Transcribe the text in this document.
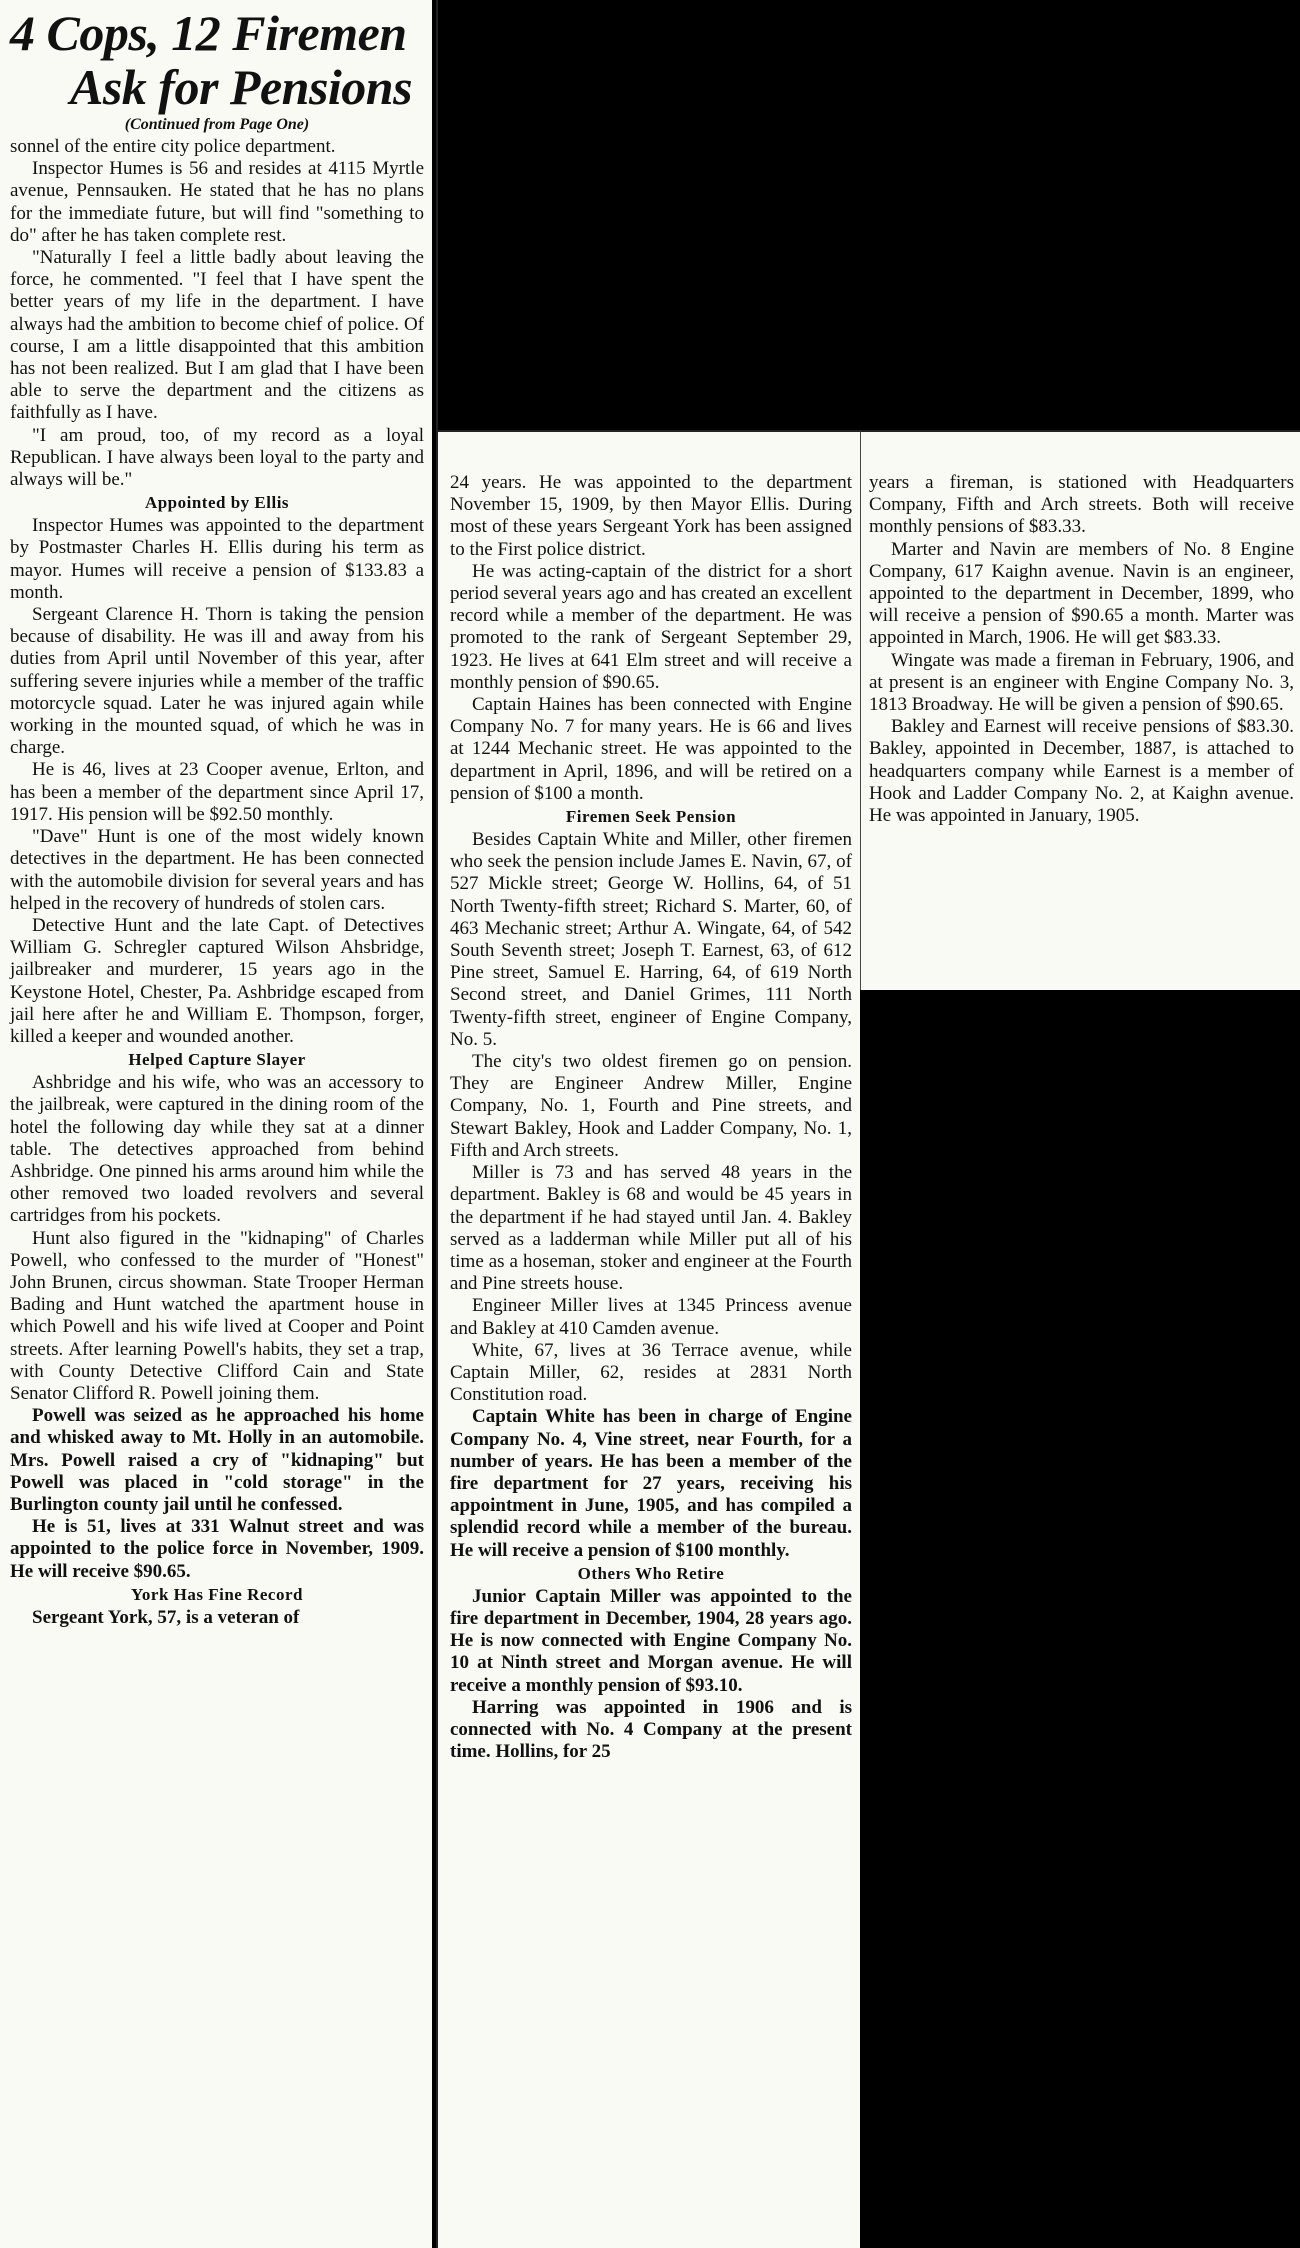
4 Cops, 12 Firemen
Ask for Pensions
(Continued from Page One)

sonnel of the entire city police department.

Inspector Humes is 56 and resides at 4115 Myrtle avenue, Pennsauken. He stated that he has no plans for the immediate future, but will find "something to do" after he has taken complete rest.

"Naturally I feel a little badly about leaving the force, he commented. "I feel that I have spent the better years of my life in the department. I have always had the ambition to become chief of police. Of course, I am a little disappointed that this ambition has not been realized. But I am glad that I have been able to serve the department and the citizens as faithfully as I have.

"I am proud, too, of my record as a loyal Republican. I have always been loyal to the party and always will be."

Appointed by Ellis

Inspector Humes was appointed to the department by Postmaster Charles H. Ellis during his term as mayor. Humes will receive a pension of $133.83 a month.

Sergeant Clarence H. Thorn is taking the pension because of disability. He was ill and away from his duties from April until November of this year, after suffering severe injuries while a member of the traffic motorcycle squad. Later he was injured again while working in the mounted squad, of which he was in charge.

He is 46, lives at 23 Cooper avenue, Erlton, and has been a member of the department since April 17, 1917. His pension will be $92.50 monthly.

"Dave" Hunt is one of the most widely known detectives in the department. He has been connected with the automobile division for several years and has helped in the recovery of hundreds of stolen cars.

Detective Hunt and the late Capt. of Detectives William G. Schregler captured Wilson Ahsbridge, jailbreaker and murderer, 15 years ago in the Keystone Hotel, Chester, Pa. Ashbridge escaped from jail here after he and William E. Thompson, forger, killed a keeper and wounded another.

Helped Capture Slayer

Ashbridge and his wife, who was an accessory to the jailbreak, were captured in the dining room of the hotel the following day while they sat at a dinner table. The detectives approached from behind Ashbridge. One pinned his arms around him while the other removed two loaded revolvers and several cartridges from his pockets.

Hunt also figured in the "kidnaping" of Charles Powell, who confessed to the murder of "Honest" John Brunen, circus showman. State Trooper Herman Bading and Hunt watched the apartment house in which Powell and his wife lived at Cooper and Point streets. After learning Powell's habits, they set a trap, with County Detective Clifford Cain and State Senator Clifford R. Powell joining them.

Powell was seized as he approached his home and whisked away to Mt. Holly in an automobile. Mrs. Powell raised a cry of "kidnaping" but Powell was placed in "cold storage" in the Burlington county jail until he confessed.

He is 51, lives at 331 Walnut street and was appointed to the police force in November, 1909. He will receive $90.65.

York Has Fine Record

Sergeant York, 57, is a veteran of

24 years. He was appointed to the department November 15, 1909, by then Mayor Ellis. During most of these years Sergeant York has been assigned to the First police district.

He was acting-captain of the district for a short period several years ago and has created an excellent record while a member of the department. He was promoted to the rank of Sergeant September 29, 1923. He lives at 641 Elm street and will receive a monthly pension of $90.65.

Captain Haines has been connected with Engine Company No. 7 for many years. He is 66 and lives at 1244 Mechanic street. He was appointed to the department in April, 1896, and will be retired on a pension of $100 a month.

Firemen Seek Pension

Besides Captain White and Miller, other firemen who seek the pension include James E. Navin, 67, of 527 Mickle street; George W. Hollins, 64, of 51 North Twenty-fifth street; Richard S. Marter, 60, of 463 Mechanic street; Arthur A. Wingate, 64, of 542 South Seventh street; Joseph T. Earnest, 63, of 612 Pine street, Samuel E. Harring, 64, of 619 North Second street, and Daniel Grimes, 111 North Twenty-fifth street, engineer of Engine Company, No. 5.

The city's two oldest firemen go on pension. They are Engineer Andrew Miller, Engine Company, No. 1, Fourth and Pine streets, and Stewart Bakley, Hook and Ladder Company, No. 1, Fifth and Arch streets.

Miller is 73 and has served 48 years in the department. Bakley is 68 and would be 45 years in the department if he had stayed until Jan. 4. Bakley served as a ladderman while Miller put all of his time as a hoseman, stoker and engineer at the Fourth and Pine streets house.

Engineer Miller lives at 1345 Princess avenue and Bakley at 410 Camden avenue.

White, 67, lives at 36 Terrace avenue, while Captain Miller, 62, resides at 2831 North Constitution road.

Captain White has been in charge of Engine Company No. 4, Vine street, near Fourth, for a number of years. He has been a member of the fire department for 27 years, receiving his appointment in June, 1905, and has compiled a splendid record while a member of the bureau. He will receive a pension of $100 monthly.

Others Who Retire

Junior Captain Miller was appointed to the fire department in December, 1904, 28 years ago. He is now connected with Engine Company No. 10 at Ninth street and Morgan avenue. He will receive a monthly pension of $93.10.

Harring was appointed in 1906 and is connected with No. 4 Company at the present time. Hollins, for 25

years a fireman, is stationed with Headquarters Company, Fifth and Arch streets. Both will receive monthly pensions of $83.33.

Marter and Navin are members of No. 8 Engine Company, 617 Kaighn avenue. Navin is an engineer, appointed to the department in December, 1899, who will receive a pension of $90.65 a month. Marter was appointed in March, 1906. He will get $83.33.

Wingate was made a fireman in February, 1906, and at present is an engineer with Engine Company No. 3, 1813 Broadway. He will be given a pension of $90.65.

Bakley and Earnest will receive pensions of $83.30. Bakley, appointed in December, 1887, is attached to headquarters company while Earnest is a member of Hook and Ladder Company No. 2, at Kaighn avenue. He was appointed in January, 1905.
